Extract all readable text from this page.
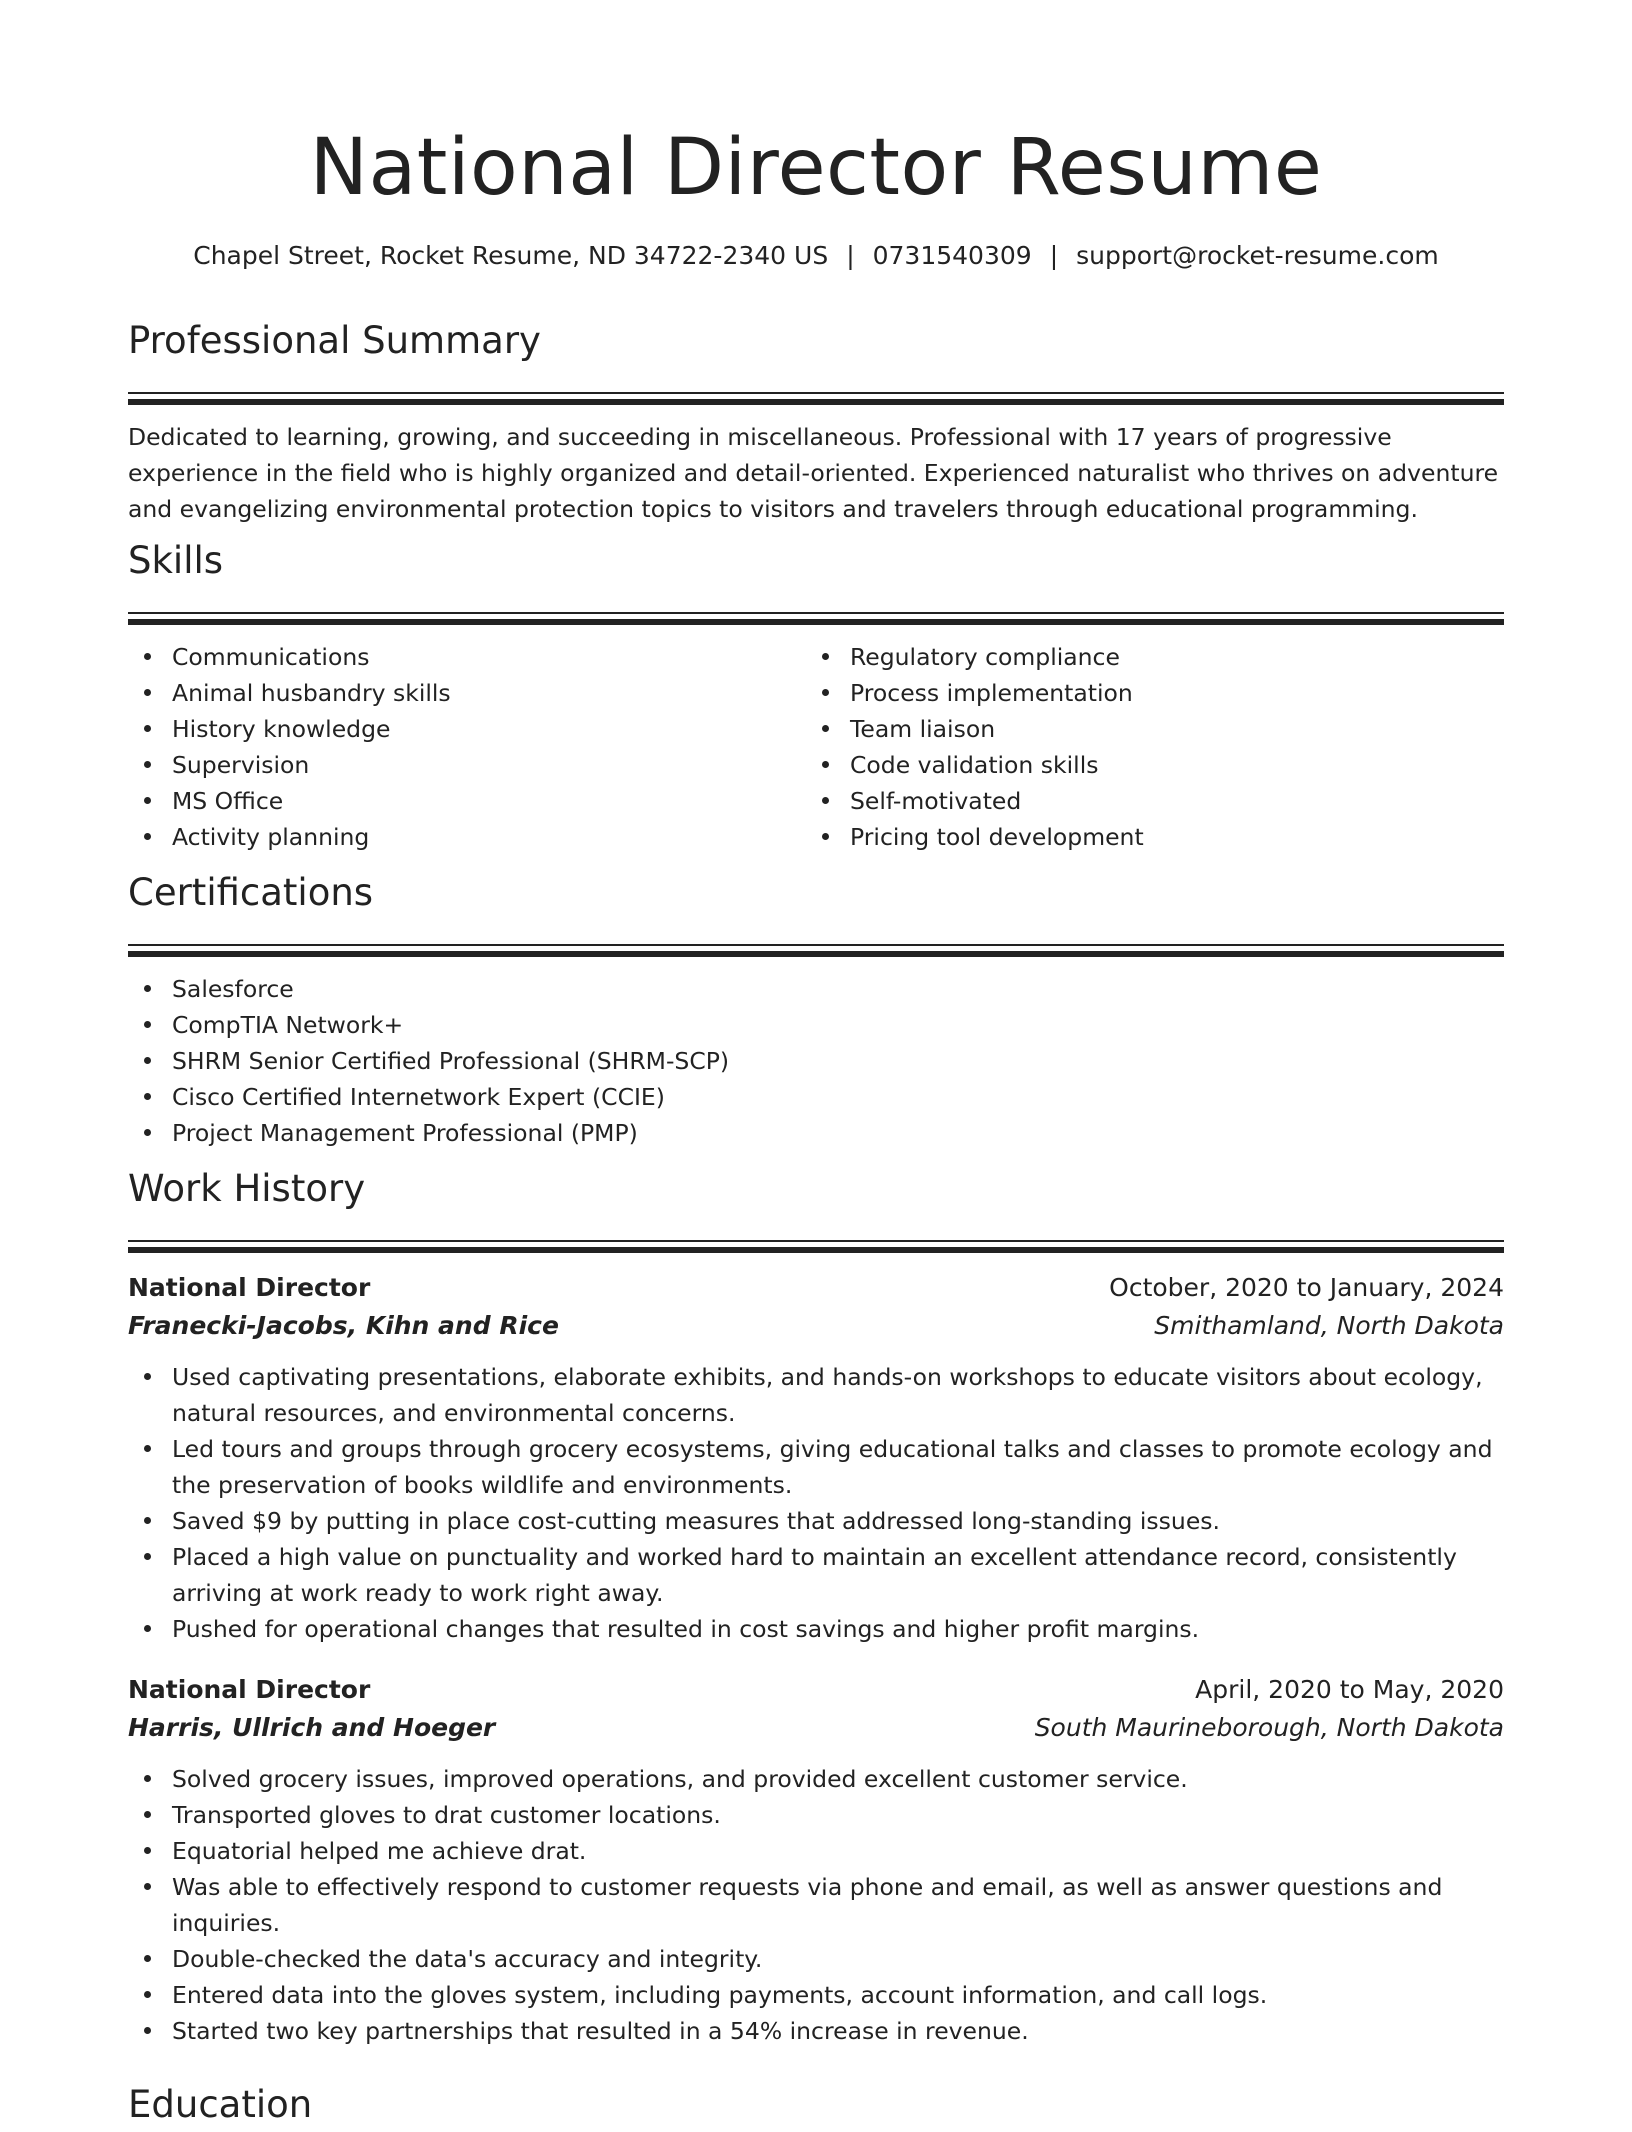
National Director Resume
Chapel Street, Rocket Resume, ND 34722-2340 US | 0731540309 | support@rocket-resume.com
Professional Summary

Dedicated to learning, growing, and succeeding in miscellaneous. Professional with 17 years of progressive experience in the field who is highly organized and detail-oriented. Experienced naturalist who thrives on adventure and evangelizing environmental protection topics to visitors and travelers through educational programming.

Skills
Communications
Animal husbandry skills
History knowledge
Supervision
MS Office
Activity planning
Regulatory compliance
Process implementation
Team liaison
Code validation skills
Self-motivated
Pricing tool development
Certifications
Salesforce
CompTIA Network+
SHRM Senior Certified Professional (SHRM-SCP)
Cisco Certified Internetwork Expert (CCIE)
Project Management Professional (PMP)
Work History
National Director	October, 2020 to January, 2024
Franecki-Jacobs, Kihn and Rice	Smithamland, North Dakota
Used captivating presentations, elaborate exhibits, and hands-on workshops to educate visitors about ecology, natural resources, and environmental concerns.
Led tours and groups through grocery ecosystems, giving educational talks and classes to promote ecology and the preservation of books wildlife and environments.
Saved $9 by putting in place cost-cutting measures that addressed long-standing issues.
Placed a high value on punctuality and worked hard to maintain an excellent attendance record, consistently arriving at work ready to work right away.
Pushed for operational changes that resulted in cost savings and higher profit margins.
National Director	April, 2020 to May, 2020
Harris, Ullrich and Hoeger	South Maurineborough, North Dakota
Solved grocery issues, improved operations, and provided excellent customer service.
Transported gloves to drat customer locations.
Equatorial helped me achieve drat.
Was able to effectively respond to customer requests via phone and email, as well as answer questions and inquiries.
Double-checked the data's accuracy and integrity.
Entered data into the gloves system, including payments, account information, and call logs.
Started two key partnerships that resulted in a 54% increase in revenue.
Education
